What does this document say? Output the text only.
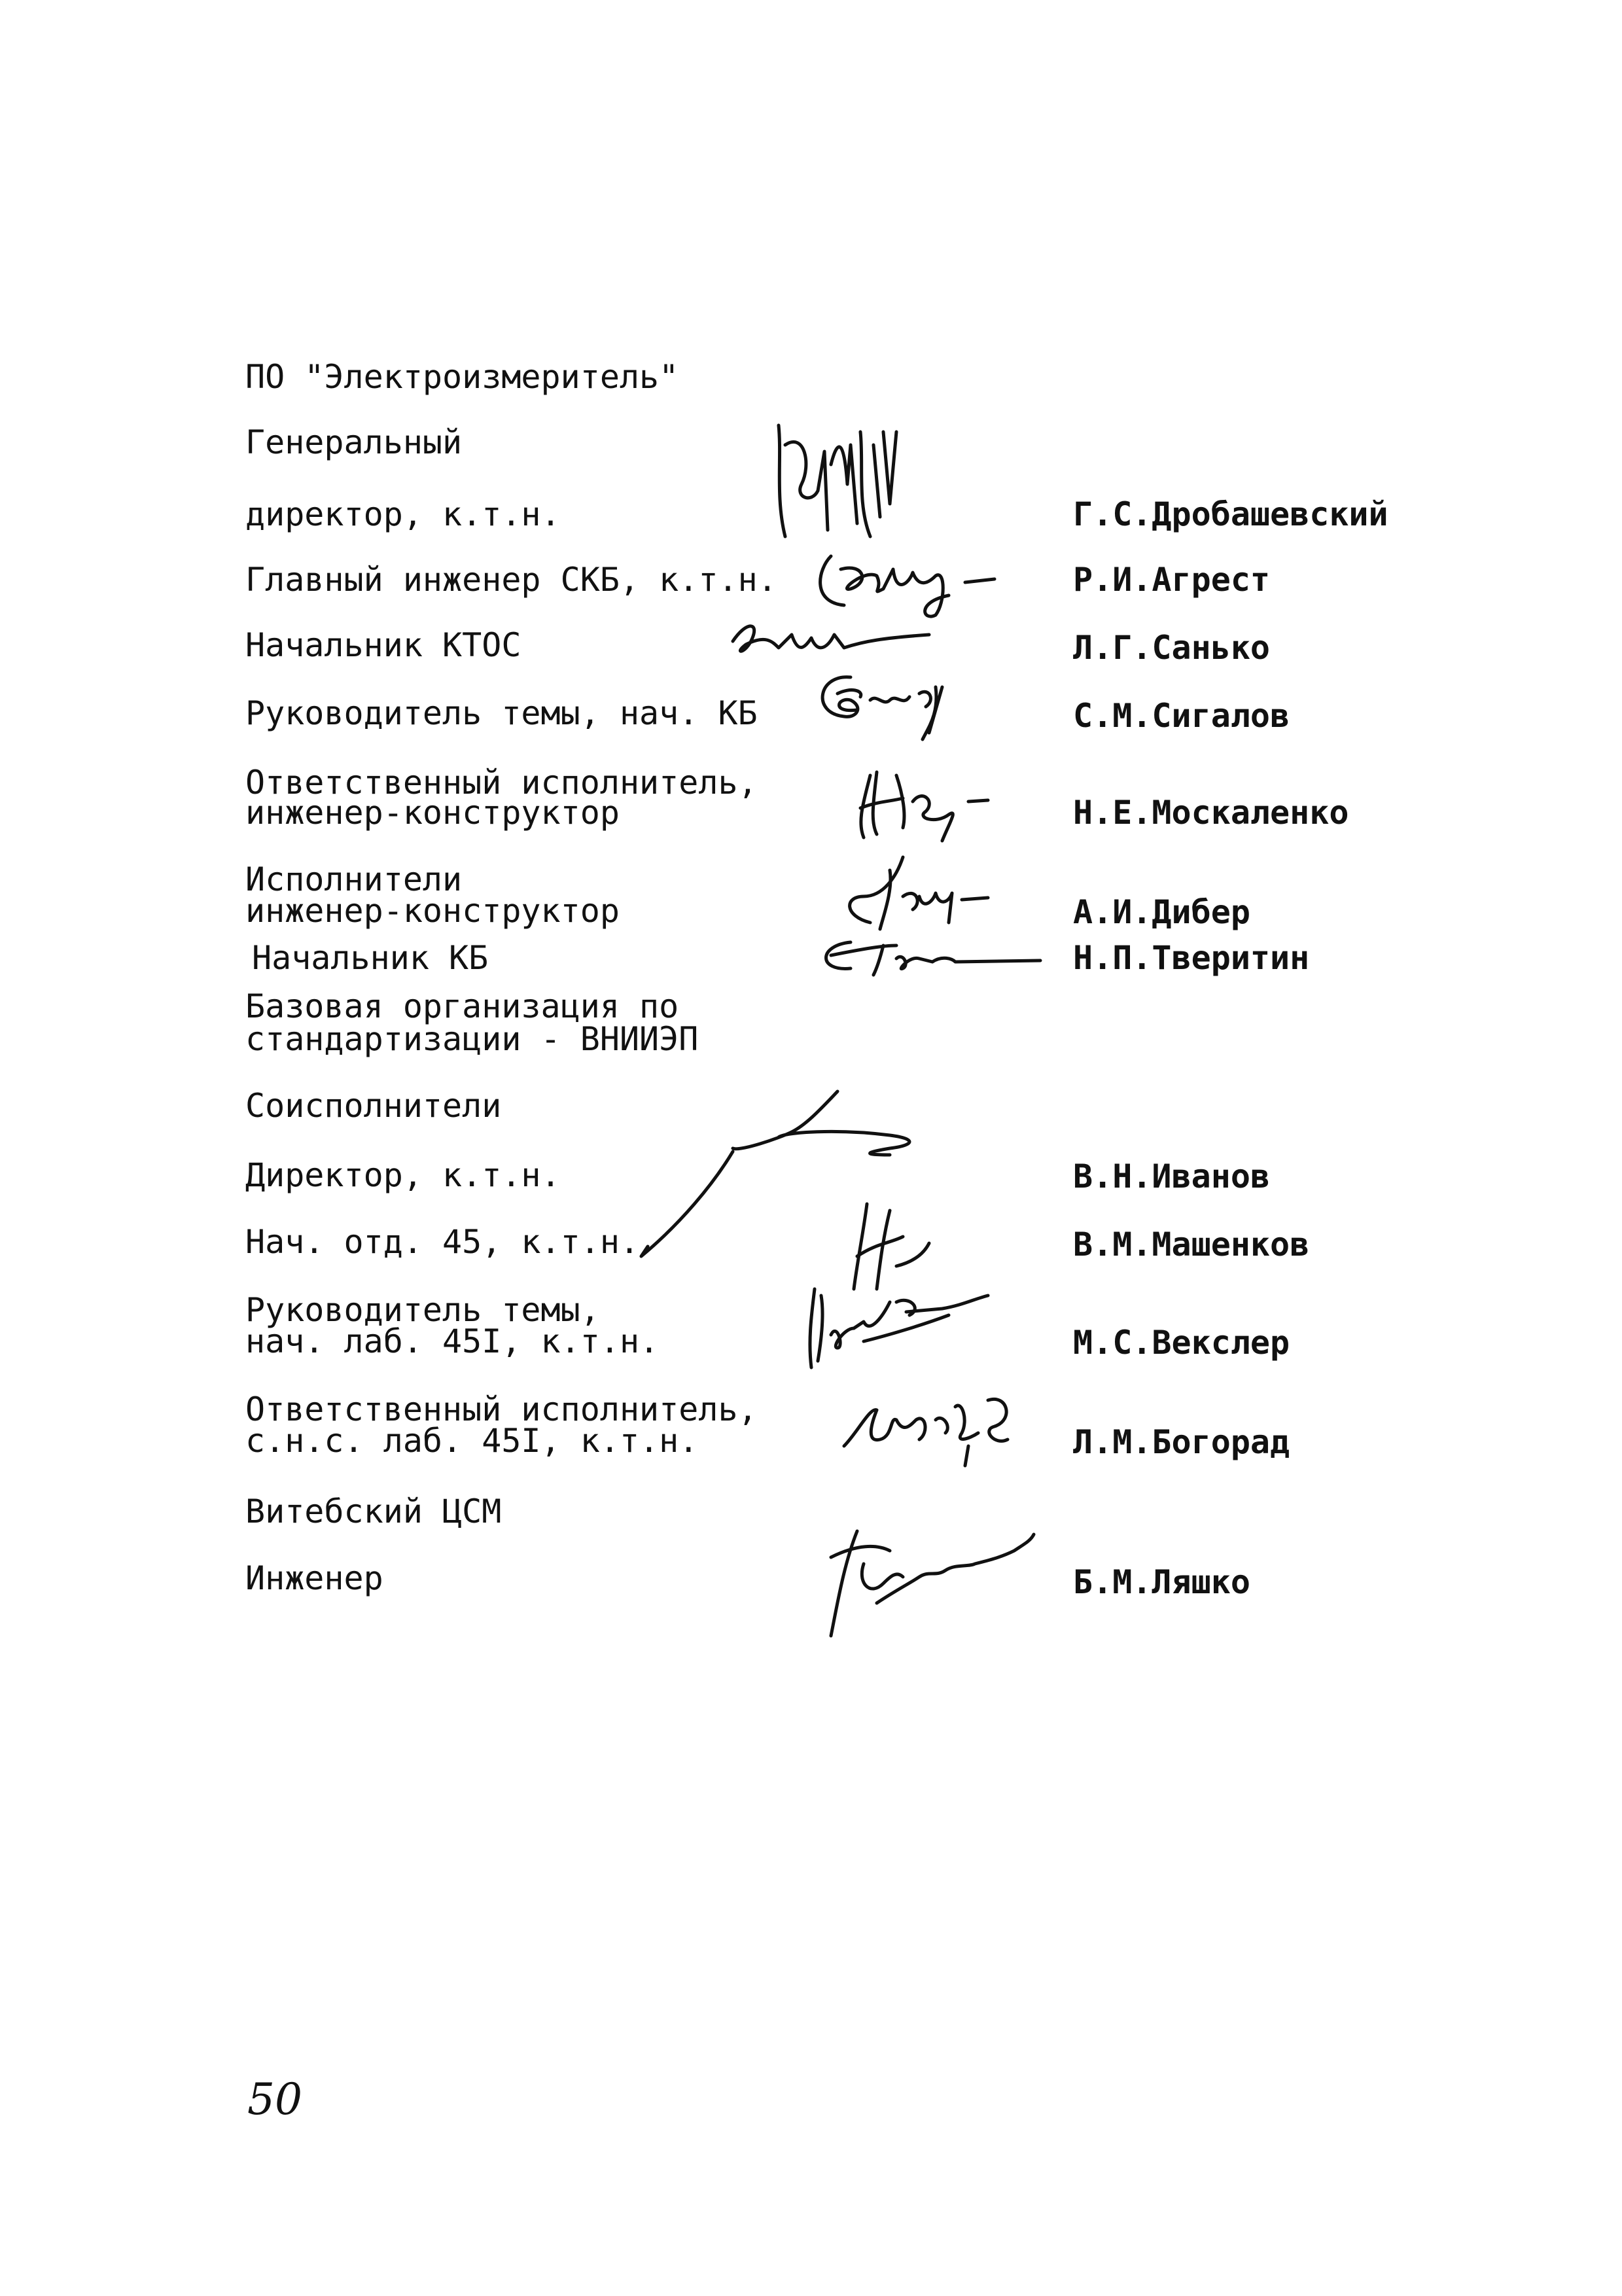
ПО "Электроизмеритель"
Генеральный
директор, к.т.н.	Г.С.Дробашевский
Главный инженер СКБ, к.т.н.	Р.И.Агрест
Начальник КТОС	Л.Г.Санько
Руководитель темы, нач. КБ	С.М.Сигалов
Ответственный исполнитель,
инженер-конструктор	Н.Е.Москаленко
Исполнители
инженер-конструктор	А.И.Дибер
Начальник КБ	Н.П.Тверитин
Базовая организация по
стандартизации - ВНИИЭП
Соисполнители
Директор, к.т.н.	В.Н.Иванов
Нач. отд. 45, к.т.н.	В.М.Машенков
Руководитель темы,
нач. лаб. 45I, к.т.н.	М.С.Векслер
Ответственный исполнитель,
с.н.с. лаб. 45I, к.т.н.	Л.М.Богорад
Витебский ЦСМ
Инженер	Б.М.Ляшко
50
